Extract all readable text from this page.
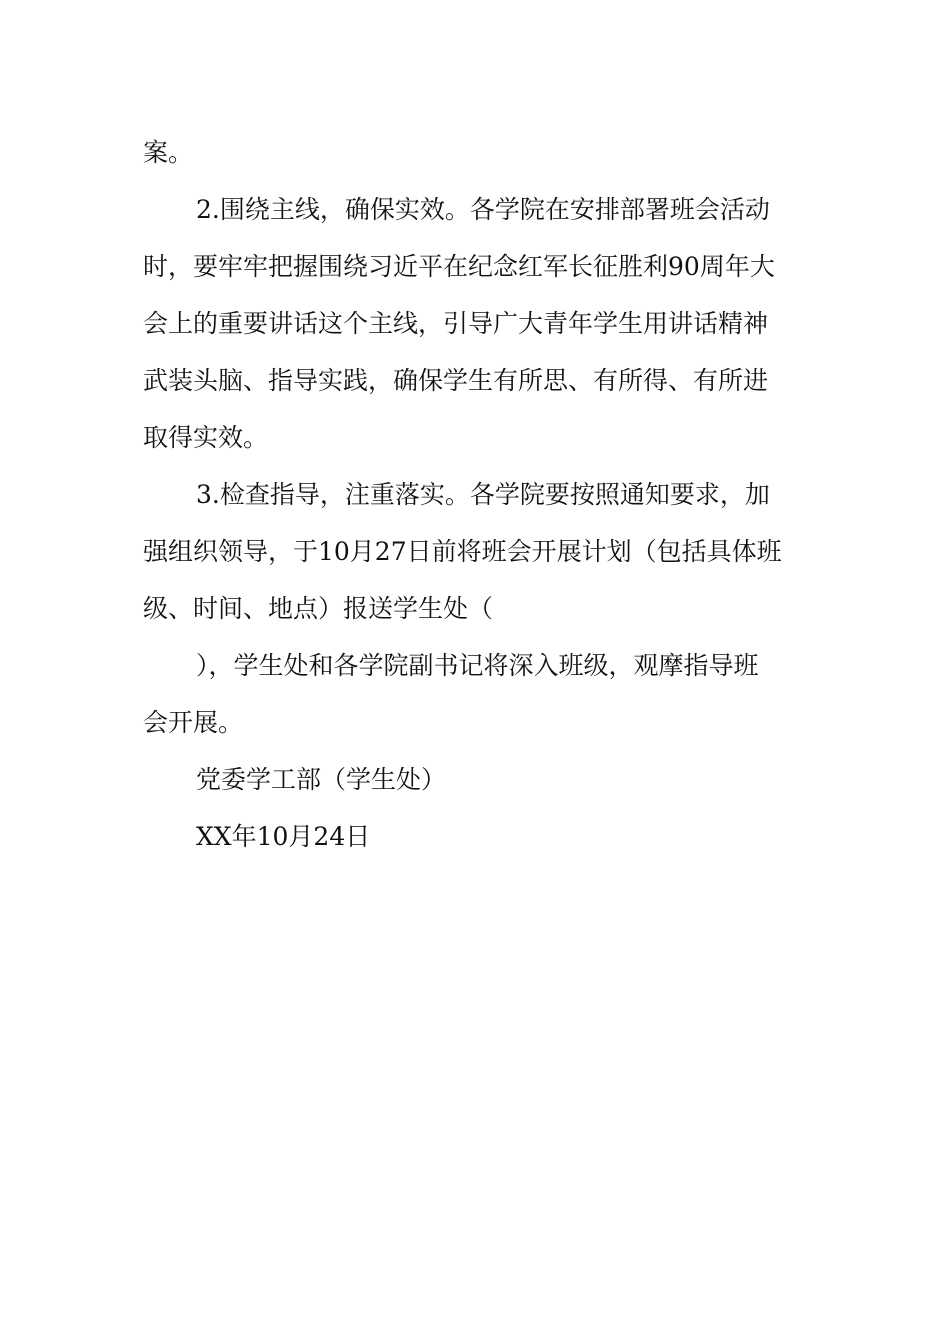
案。
2.围绕主线，确保实效。各学院在安排部署班会活动
时，要牢牢把握围绕习近平在纪念红军长征胜利90周年大
会上的重要讲话这个主线，引导广大青年学生用讲话精神
武装头脑、指导实践，确保学生有所思、有所得、有所进
取得实效。
3.检查指导，注重落实。各学院要按照通知要求，加
强组织领导，于10月27日前将班会开展计划（包括具体班
级、时间、地点）报送学生处（
），学生处和各学院副书记将深入班级，观摩指导班
会开展。
党委学工部（学生处）
XX年10月24日
